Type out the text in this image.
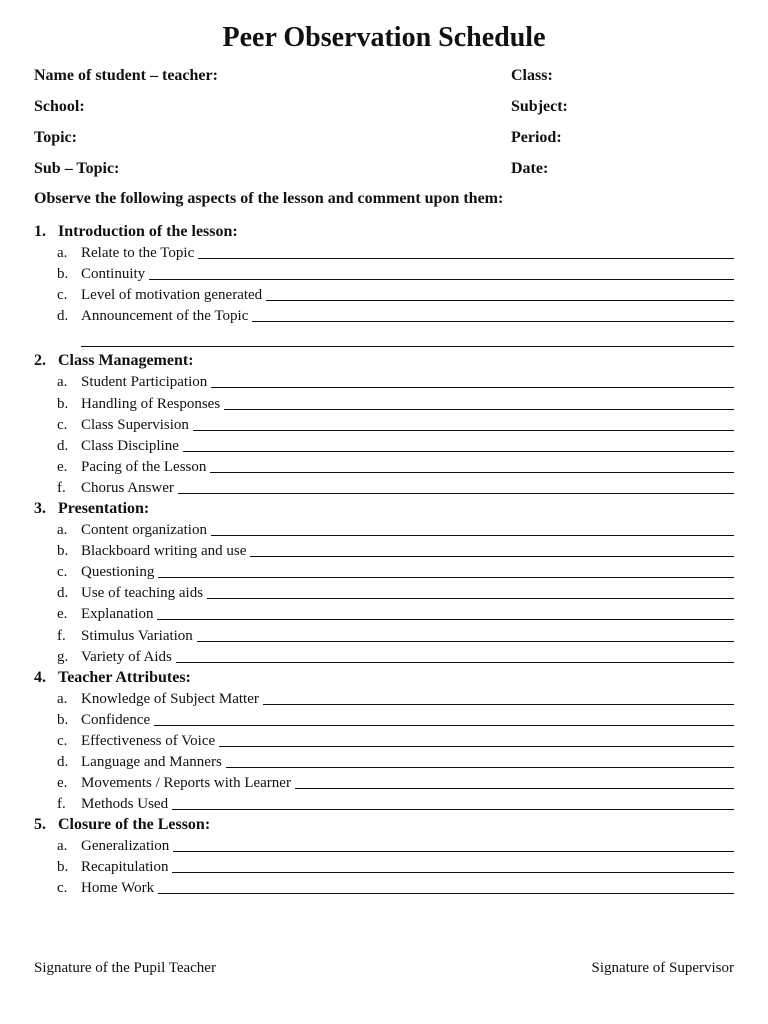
Peer Observation Schedule
Name of student – teacher:	Class:
School:	Subject:
Topic:	Period:
Sub – Topic:	Date:
Observe the following aspects of the lesson and comment upon them:
1. Introduction of the lesson:
a. Relate to the Topic
b. Continuity
c. Level of motivation generated
d. Announcement of the Topic
2. Class Management:
a. Student Participation
b. Handling of Responses
c. Class Supervision
d. Class Discipline
e. Pacing of the Lesson
f.	Chorus Answer
3. Presentation:
a. Content organization
b. Blackboard writing and use
c. Questioning
d. Use of teaching aids
e. Explanation
f.	Stimulus Variation
g. Variety of Aids
4. Teacher Attributes:
a. Knowledge of Subject Matter
b. Confidence
c. Effectiveness of Voice
d. Language and Manners
e. Movements / Reports with Learner
f.	Methods Used
5. Closure of the Lesson:
a. Generalization
b. Recapitulation
c. Home Work
Signature of the Pupil Teacher	Signature of Supervisor
